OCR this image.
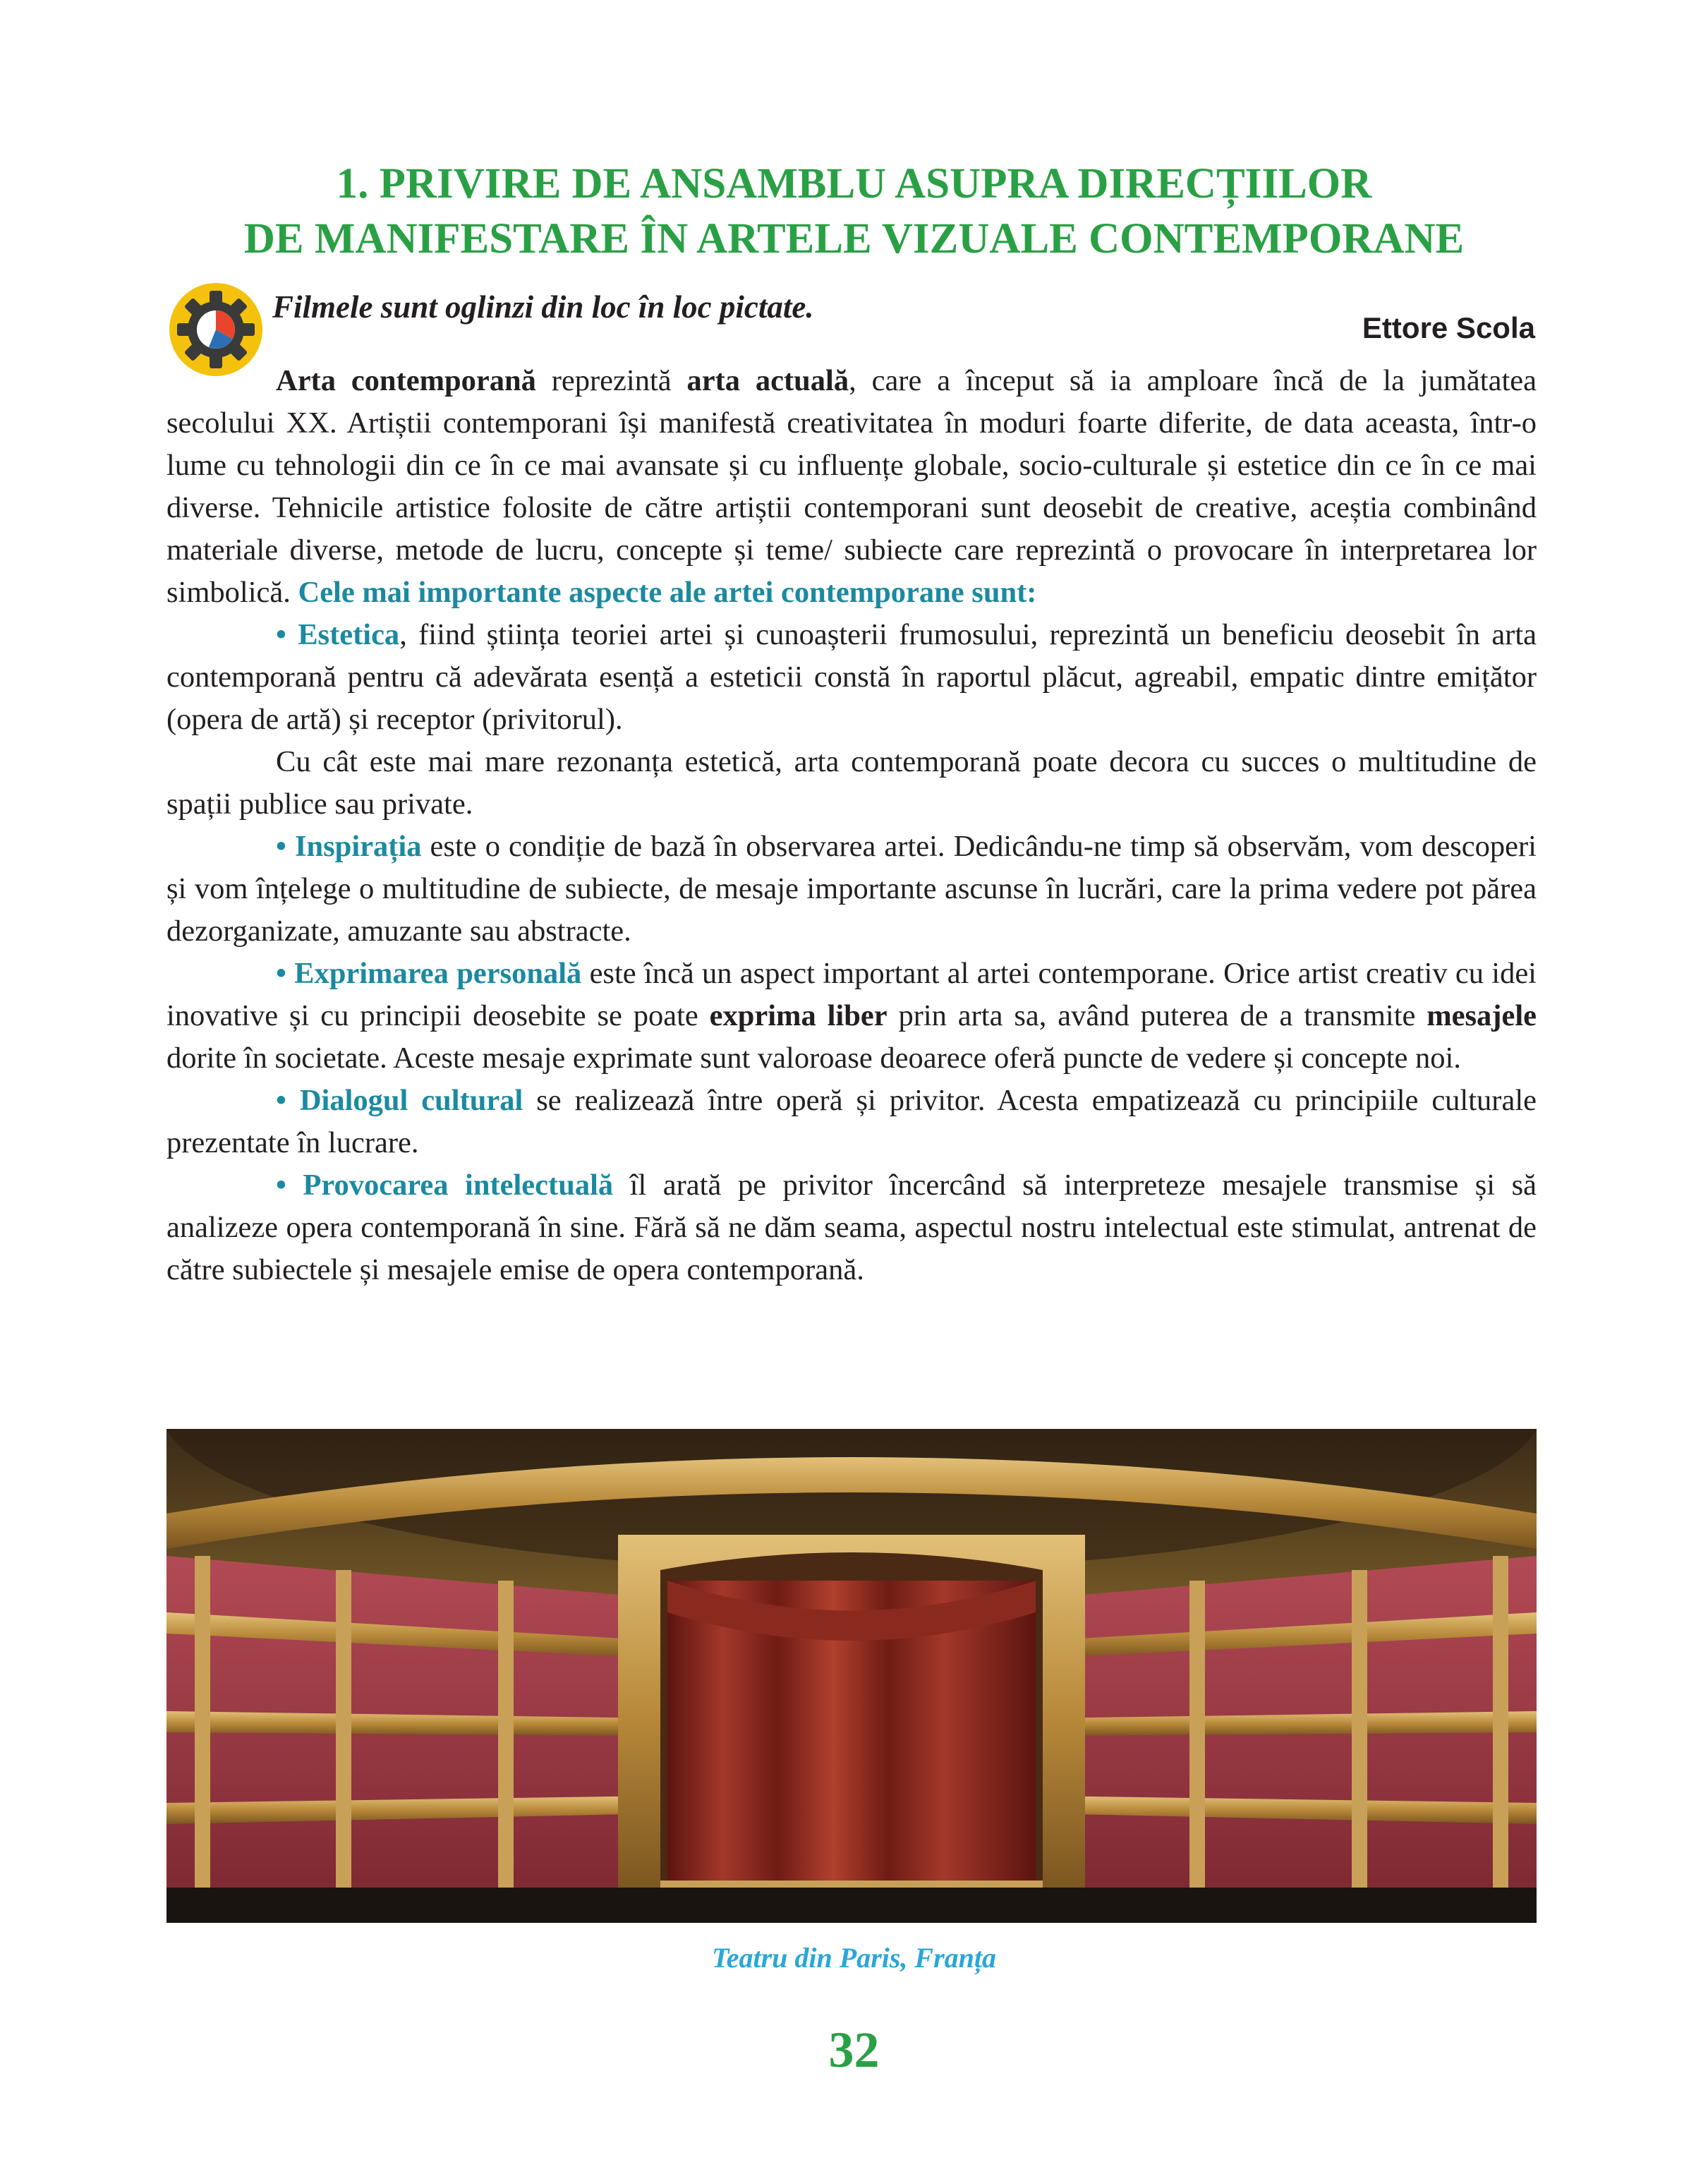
1. PRIVIRE DE ANSAMBLU ASUPRA DIRECȚIILOR
DE MANIFESTARE ÎN ARTELE VIZUALE CONTEMPORANE
Filmele sunt oglinzi din loc în loc pictate.
Ettore Scola

Arta contemporană reprezintă arta actuală, care a început să ia amploare încă de la jumătatea secolului XX. Artiștii contemporani își manifestă creativitatea în moduri foarte diferite, de data aceasta, într-o lume cu tehnologii din ce în ce mai avansate și cu influențe globale, socio-culturale și estetice din ce în ce mai diverse. Tehnicile artistice folosite de către artiștii contemporani sunt deosebit de creative, aceștia combinând materiale diverse, metode de lucru, concepte și teme/ subiecte care reprezintă o provocare în interpretarea lor simbolică. Cele mai importante aspecte ale artei contemporane sunt:

• Estetica, fiind știința teoriei artei și cunoașterii frumosului, reprezintă un beneficiu deosebit în arta contemporană pentru că adevărata esență a esteticii constă în raportul plăcut, agreabil, empatic dintre emițător (opera de artă) și receptor (privitorul).

Cu cât este mai mare rezonanța estetică, arta contemporană poate decora cu succes o multitudine de spații publice sau private.

• Inspirația este o condiție de bază în observarea artei. Dedicându-ne timp să observăm, vom descoperi și vom înțelege o multitudine de subiecte, de mesaje importante ascunse în lucrări, care la prima vedere pot părea dezorganizate, amuzante sau abstracte.

• Exprimarea personală este încă un aspect important al artei contemporane. Orice artist creativ cu idei inovative și cu principii deosebite se poate exprima liber prin arta sa, având puterea de a transmite mesajele dorite în societate. Aceste mesaje exprimate sunt valoroase deoarece oferă puncte de vedere și concepte noi.

• Dialogul cultural se realizează între operă și privitor. Acesta empatizează cu principiile culturale prezentate în lucrare.

• Provocarea intelectuală îl arată pe privitor încercând să interpreteze mesajele transmise și să analizeze opera contemporană în sine. Fără să ne dăm seama, aspectul nostru intelectual este stimulat, antrenat de către subiectele și mesajele emise de opera contemporană.

Teatru din Paris, Franța
32
